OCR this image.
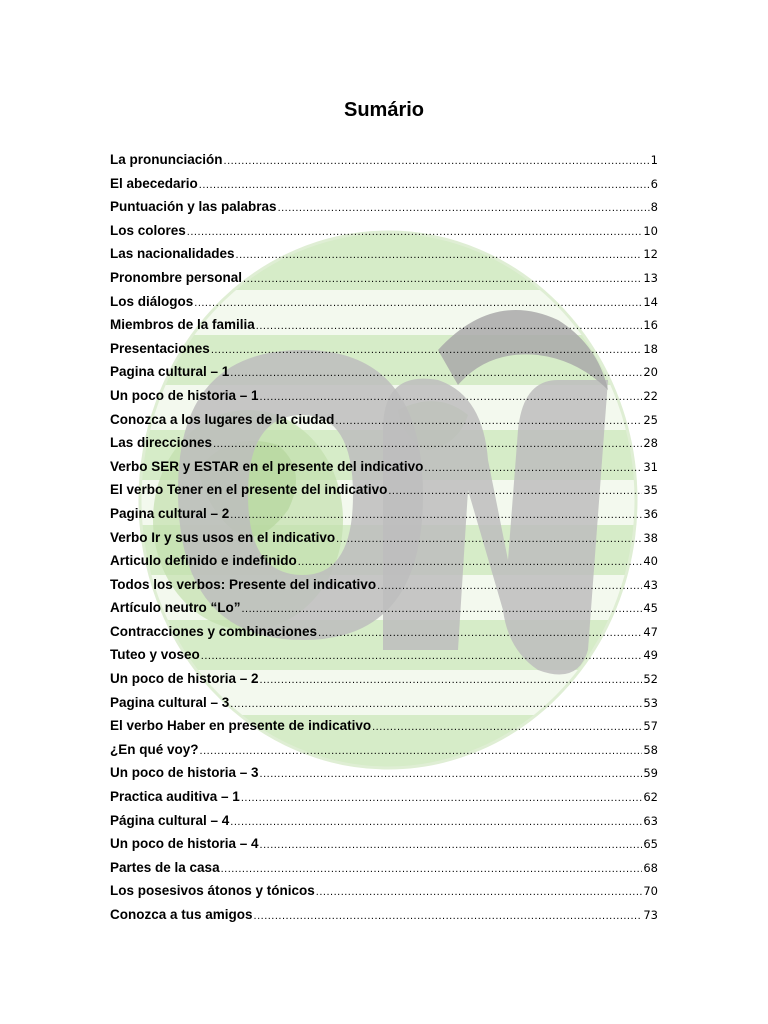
Sumário
La pronunciación .....	1
El abecedario .....	6
Puntuación y las palabras .....	8
Los colores .....	10
Las nacionalidades .....	12
Pronombre personal .....	13
Los diálogos .....	14
Miembros de la familia .....	16
Presentaciones .....	18
Pagina cultural – 1 .....	20
Un poco de historia – 1 .....	22
Conozca a los lugares de la ciudad .....	25
Las direcciones .....	28
Verbo SER y ESTAR en el presente del indicativo .....	31
El verbo Tener en el presente del indicativo .....	35
Pagina cultural – 2 .....	36
Verbo Ir y sus usos en el indicativo .....	38
Articulo definido e indefinido .....	40
Todos los verbos: Presente del indicativo .....	43
Artículo neutro “Lo” .....	45
Contracciones y combinaciones .....	47
Tuteo y voseo .....	49
Un poco de historia – 2 .....	52
Pagina cultural – 3 .....	53
El verbo Haber en presente de indicativo .....	57
¿En qué voy? .....	58
Un poco de historia – 3 .....	59
Practica auditiva – 1 .....	62
Página cultural – 4 .....	63
Un poco de historia – 4 .....	65
Partes de la casa .....	68
Los posesivos átonos y tónicos .....	70
Conozca a tus amigos .....	73
